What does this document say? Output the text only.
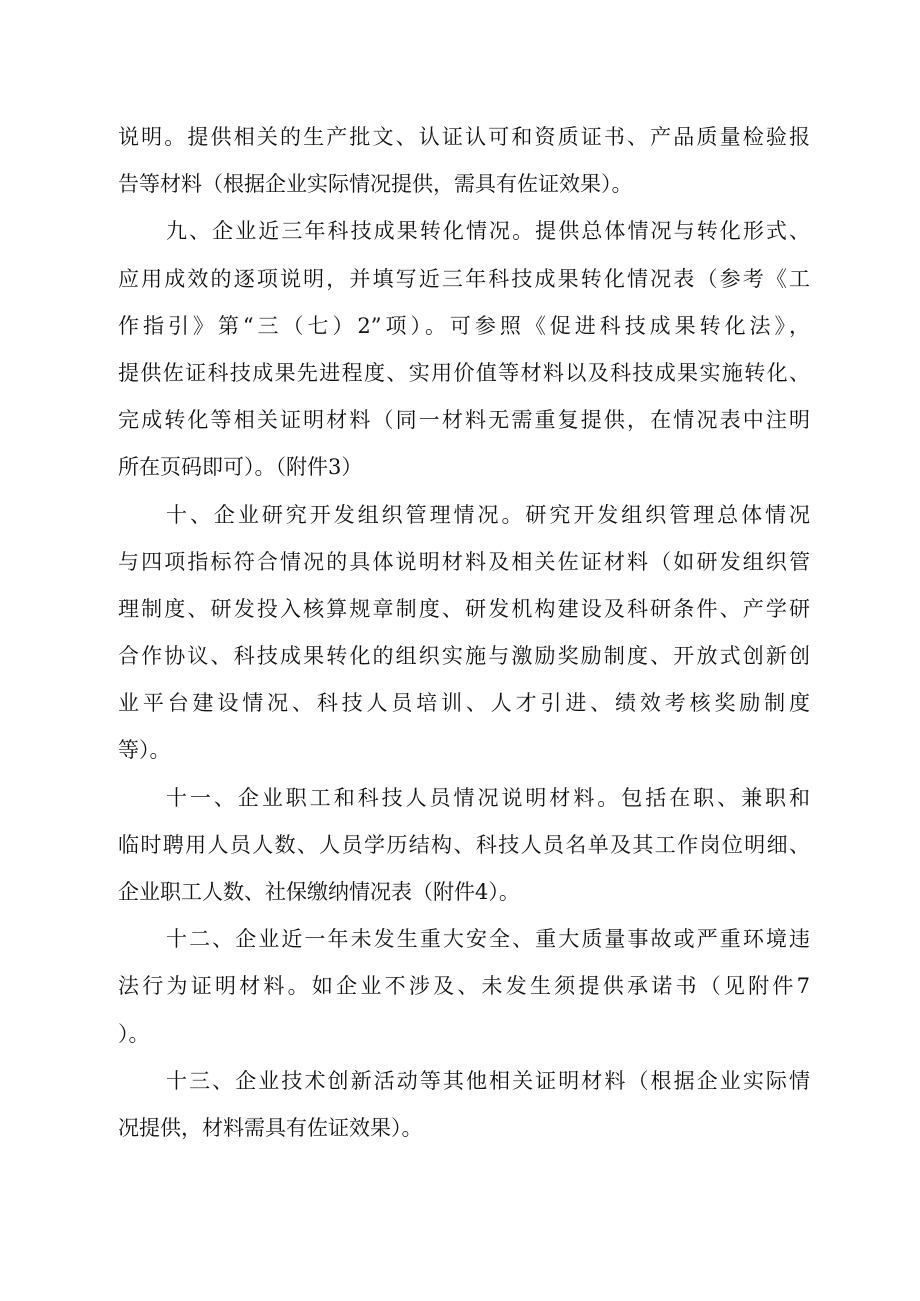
说明。提供相关的生产批文、认证认可和资质证书、产品质量检验报
告等材料（根据企业实际情况提供，需具有佐证效果）。
九、企业近三年科技成果转化情况。提供总体情况与转化形式、
应用成效的逐项说明，并填写近三年科技成果转化情况表（参考《工
作指引》第“三（七）2”项）。可参照《促进科技成果转化法》，
提供佐证科技成果先进程度、实用价值等材料以及科技成果实施转化、
完成转化等相关证明材料（同一材料无需重复提供，在情况表中注明
所在页码即可）。（附件3）
十、企业研究开发组织管理情况。研究开发组织管理总体情况
与四项指标符合情况的具体说明材料及相关佐证材料（如研发组织管
理制度、研发投入核算规章制度、研发机构建设及科研条件、产学研
合作协议、科技成果转化的组织实施与激励奖励制度、开放式创新创
业平台建设情况、科技人员培训、人才引进、绩效考核奖励制度
等）。
十一、企业职工和科技人员情况说明材料。包括在职、兼职和
临时聘用人员人数、人员学历结构、科技人员名单及其工作岗位明细、
企业职工人数、社保缴纳情况表（附件4）。
十二、企业近一年未发生重大安全、重大质量事故或严重环境违
法行为证明材料。如企业不涉及、未发生须提供承诺书（见附件7
）。
十三、企业技术创新活动等其他相关证明材料（根据企业实际情
况提供，材料需具有佐证效果）。
